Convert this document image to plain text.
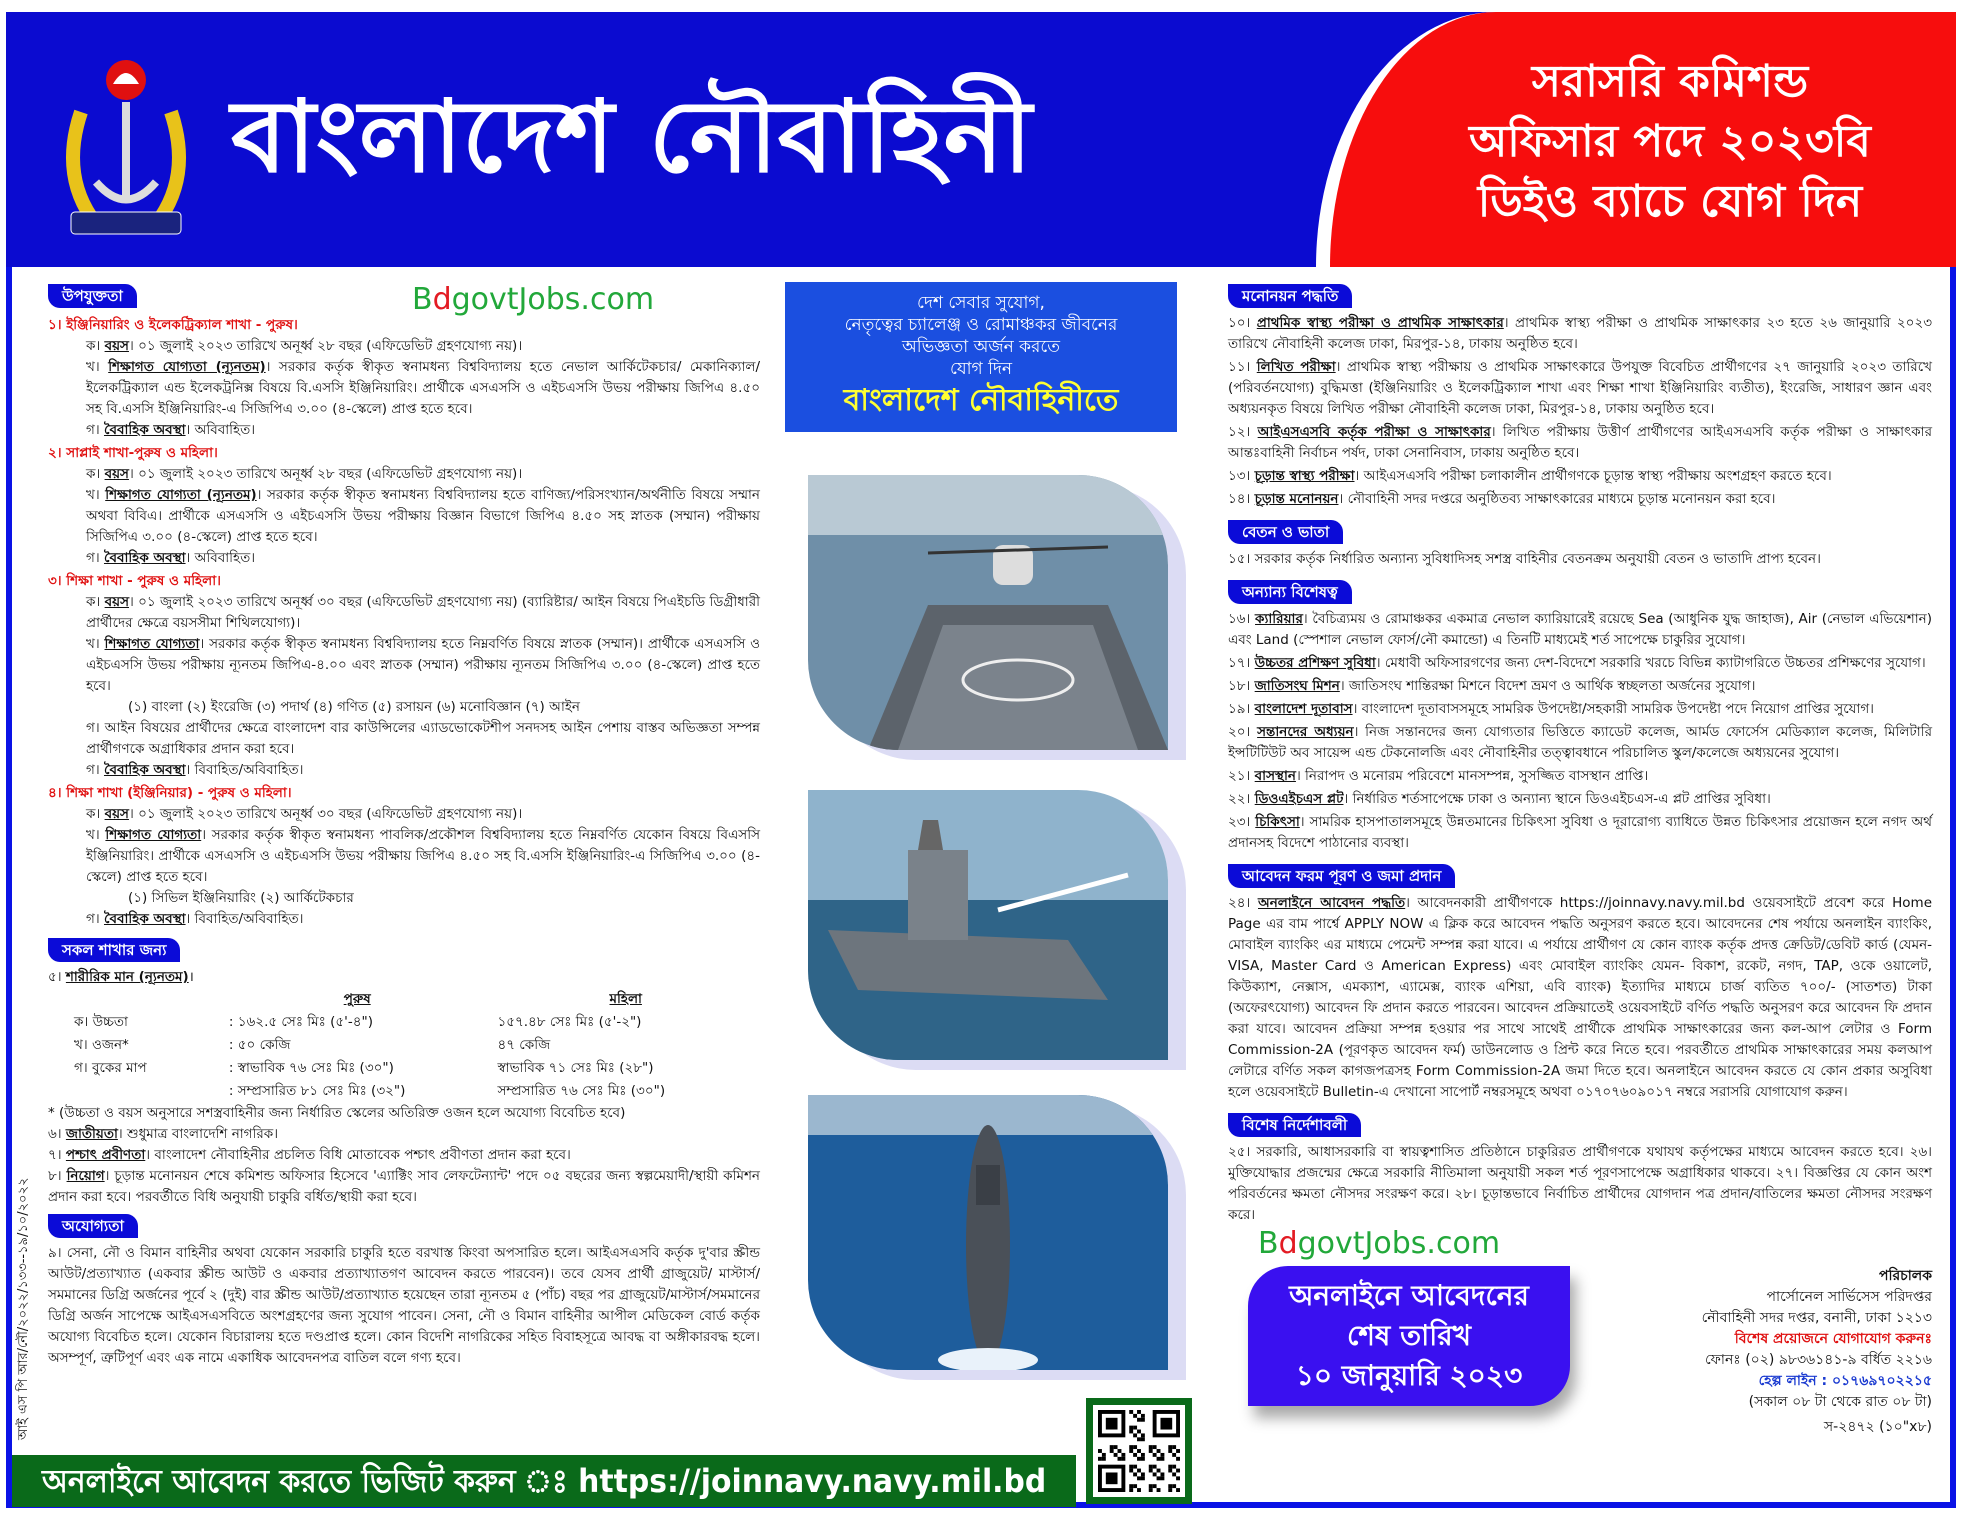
বাংলাদেশ নৌবাহিনী	সরাসরি কমিশন্ড
অফিসার পদে ২০২৩বি
ডিইও ব্যাচে যোগ দিন
উপযুক্ততা
১। ইঞ্জিনিয়ারিং ও ইলেকট্রিক্যাল শাখা - পুরুষ।
ক। বয়স। ০১ জুলাই ২০২৩ তারিখে অনূর্ধ্ব ২৮ বছর (এফিডেভিট গ্রহণযোগ্য নয়)।
খ। শিক্ষাগত যোগ্যতা (ন্যূনতম)। সরকার কর্তৃক স্বীকৃত স্বনামধন্য বিশ্ববিদ্যালয় হতে নেভাল আর্কিটেকচার/ মেকানিক্যাল/ইলেকট্রিক্যাল এন্ড ইলেকট্রনিক্স বিষয়ে বি.এসসি ইঞ্জিনিয়ারিং। প্রার্থীকে এসএসসি ও এইচএসসি উভয় পরীক্ষায় জিপিএ ৪.৫০ সহ বি.এসসি ইঞ্জিনিয়ারিং-এ সিজিপিএ ৩.০০ (৪-স্কেলে) প্রাপ্ত হতে হবে।
গ। বৈবাহিক অবস্থা। অবিবাহিত।
২। সাপ্লাই শাখা-পুরুষ ও মহিলা।
ক। বয়স। ০১ জুলাই ২০২৩ তারিখে অনূর্ধ্ব ২৮ বছর (এফিডেভিট গ্রহণযোগ্য নয়)।
খ। শিক্ষাগত যোগ্যতা (ন্যূনতম)। সরকার কর্তৃক স্বীকৃত স্বনামধন্য বিশ্ববিদ্যালয় হতে বাণিজ্য/পরিসংখ্যান/অর্থনীতি বিষয়ে সম্মান অথবা বিবিএ। প্রার্থীকে এসএসসি ও এইচএসসি উভয় পরীক্ষায় বিজ্ঞান বিভাগে জিপিএ ৪.৫০ সহ স্নাতক (সম্মান) পরীক্ষায় সিজিপিএ ৩.০০ (৪-স্কেলে) প্রাপ্ত হতে হবে।
গ। বৈবাহিক অবস্থা। অবিবাহিত।
৩। শিক্ষা শাখা - পুরুষ ও মহিলা।
ক। বয়স। ০১ জুলাই ২০২৩ তারিখে অনূর্ধ্ব ৩০ বছর (এফিডেভিট গ্রহণযোগ্য নয়) (ব্যারিষ্টার/ আইন বিষয়ে পিএইচডি ডিগ্রীধারী প্রার্থীদের ক্ষেত্রে বয়সসীমা শিথিলযোগ্য)।
খ। শিক্ষাগত যোগ্যতা। সরকার কর্তৃক স্বীকৃত স্বনামধন্য বিশ্ববিদ্যালয় হতে নিম্নবর্ণিত বিষয়ে স্নাতক (সম্মান)। প্রার্থীকে এসএসসি ও এইচএসসি উভয় পরীক্ষায় ন্যূনতম জিপিএ-৪.০০ এবং স্নাতক (সম্মান) পরীক্ষায় ন্যূনতম সিজিপিএ ৩.০০ (৪-স্কেলে) প্রাপ্ত হতে হবে।
(১) বাংলা (২) ইংরেজি (৩) পদার্থ (৪) গণিত (৫) রসায়ন (৬) মনোবিজ্ঞান (৭) আইন
গ। আইন বিষয়ের প্রার্থীদের ক্ষেত্রে বাংলাদেশ বার কাউন্সিলের এ্যাডভোকেটশীপ সনদসহ আইন পেশায় বাস্তব অভিজ্ঞতা সম্পন্ন প্রার্থীগণকে অগ্রাধিকার প্রদান করা হবে।
গ। বৈবাহিক অবস্থা। বিবাহিত/অবিবাহিত।
৪। শিক্ষা শাখা (ইঞ্জিনিয়ার) - পুরুষ ও মহিলা।
ক। বয়স। ০১ জুলাই ২০২৩ তারিখে অনূর্ধ্ব ৩০ বছর (এফিডেভিট গ্রহণযোগ্য নয়)।
খ। শিক্ষাগত যোগ্যতা। সরকার কর্তৃক স্বীকৃত স্বনামধন্য পাবলিক/প্রকৌশল বিশ্ববিদ্যালয় হতে নিম্নবর্ণিত যেকোন বিষয়ে বিএসসি ইঞ্জিনিয়ারিং। প্রার্থীকে এসএসসি ও এইচএসসি উভয় পরীক্ষায় জিপিএ ৪.৫০ সহ বি.এসসি ইঞ্জিনিয়ারিং-এ সিজিপিএ ৩.০০ (৪-স্কেলে) প্রাপ্ত হতে হবে।
(১) সিভিল ইঞ্জিনিয়ারিং (২) আর্কিটেকচার
গ। বৈবাহিক অবস্থা। বিবাহিত/অবিবাহিত।
সকল শাখার জন্য
৫। শারীরিক মান (ন্যূনতম)।
	পুরুষ	মহিলা
ক। উচ্চতা	: ১৬২.৫ সেঃ মিঃ (৫'-৪")	১৫৭.৪৮ সেঃ মিঃ (৫'-২")
খ। ওজন*	: ৫০ কেজি	৪৭ কেজি
গ। বুকের মাপ	: স্বাভাবিক ৭৬ সেঃ মিঃ (৩০")	স্বাভাবিক ৭১ সেঃ মিঃ (২৮")
	: সম্প্রসারিত ৮১ সেঃ মিঃ (৩২")	সম্প্রসারিত ৭৬ সেঃ মিঃ (৩০")
* (উচ্চতা ও বয়স অনুসারে সশস্ত্রবাহিনীর জন্য নির্ধারিত স্কেলের অতিরিক্ত ওজন হলে অযোগ্য বিবেচিত হবে)
৬। জাতীয়তা। শুধুমাত্র বাংলাদেশি নাগরিক।
৭। পশ্চাৎ প্রবীণতা। বাংলাদেশ নৌবাহিনীর প্রচলিত বিধি মোতাবেক পশ্চাৎ প্রবীণতা প্রদান করা হবে।
৮। নিয়োগ। চূড়ান্ত মনোনয়ন শেষে কমিশন্ড অফিসার হিসেবে 'এ্যাক্টিং সাব লেফটেন্যান্ট' পদে ০৫ বছরের জন্য স্বল্পমেয়াদী/স্থায়ী কমিশন প্রদান করা হবে। পরবর্তীতে বিধি অনুযায়ী চাকুরি বর্ধিত/স্থায়ী করা হবে।
অযোগ্যতা
৯। সেনা, নৌ ও বিমান বাহিনীর অথবা যেকোন সরকারি চাকুরি হতে বরখাস্ত কিংবা অপসারিত হলে। আইএসএসবি কর্তৃক দু'বার স্ক্রীন্ড আউট/প্রত্যাখ্যাত (একবার স্ক্রীন্ড আউট ও একবার প্রত্যাখ্যাতগণ আবেদন করতে পারবেন)। তবে যেসব প্রার্থী গ্রাজুয়েট/ মাস্টার্স/সমমানের ডিগ্রি অর্জনের পূর্বে ২ (দুই) বার স্ক্রীন্ড আউট/প্রত্যাখ্যাত হয়েছেন তারা ন্যূনতম ৫ (পাঁচ) বছর পর গ্রাজুয়েট/মাস্টার্স/সমমানের ডিগ্রি অর্জন সাপেক্ষে আইএসএসবিতে অংশগ্রহণের জন্য সুযোগ পাবেন। সেনা, নৌ ও বিমান বাহিনীর আপীল মেডিকেল বোর্ড কর্তৃক অযোগ্য বিবেচিত হলে। যেকোন বিচারালয় হতে দণ্ডপ্রাপ্ত হলে। কোন বিদেশি নাগরিকের সহিত বিবাহসূত্রে আবদ্ধ বা অঙ্গীকারবদ্ধ হলে। অসম্পূর্ণ, ত্রুটিপূর্ণ এবং এক নামে একাধিক আবেদনপত্র বাতিল বলে গণ্য হবে।
BdgovtJobs.com	দেশ সেবার সুযোগ,
নেতৃত্বের চ্যালেঞ্জ ও রোমাঞ্চকর জীবনের
অভিজ্ঞতা অর্জন করতে
যোগ দিন
বাংলাদেশ নৌবাহিনীতে
মনোনয়ন পদ্ধতি
১০। প্রাথমিক স্বাস্থ্য পরীক্ষা ও প্রাথমিক সাক্ষাৎকার। প্রাথমিক স্বাস্থ্য পরীক্ষা ও প্রাথমিক সাক্ষাৎকার ২৩ হতে ২৬ জানুয়ারি ২০২৩ তারিখে নৌবাহিনী কলেজ ঢাকা, মিরপুর-১৪, ঢাকায় অনুষ্ঠিত হবে।
১১। লিখিত পরীক্ষা। প্রাথমিক স্বাস্থ্য পরীক্ষায় ও প্রাথমিক সাক্ষাৎকারে উপযুক্ত বিবেচিত প্রার্থীগণের ২৭ জানুয়ারি ২০২৩ তারিখে (পরিবর্তনযোগ্য) বুদ্ধিমত্তা (ইঞ্জিনিয়ারিং ও ইলেকট্রিক্যাল শাখা এবং শিক্ষা শাখা ইঞ্জিনিয়ারিং ব্যতীত), ইংরেজি, সাধারণ জ্ঞান এবং অধ্যয়নকৃত বিষয়ে লিখিত পরীক্ষা নৌবাহিনী কলেজ ঢাকা, মিরপুর-১৪, ঢাকায় অনুষ্ঠিত হবে।
১২। আইএসএসবি কর্তৃক পরীক্ষা ও সাক্ষাৎকার। লিখিত পরীক্ষায় উত্তীর্ণ প্রার্থীগণের আইএসএসবি কর্তৃক পরীক্ষা ও সাক্ষাৎকার আন্তঃবাহিনী নির্বাচন পর্ষদ, ঢাকা সেনানিবাস, ঢাকায় অনুষ্ঠিত হবে।
১৩। চূড়ান্ত স্বাস্থ্য পরীক্ষা। আইএসএসবি পরীক্ষা চলাকালীন প্রার্থীগণকে চূড়ান্ত স্বাস্থ্য পরীক্ষায় অংশগ্রহণ করতে হবে।
১৪। চূড়ান্ত মনোনয়ন। নৌবাহিনী সদর দপ্তরে অনুষ্ঠিতব্য সাক্ষাৎকারের মাধ্যমে চূড়ান্ত মনোনয়ন করা হবে।
বেতন ও ভাতা
১৫। সরকার কর্তৃক নির্ধারিত অন্যান্য সুবিধাদিসহ সশস্ত্র বাহিনীর বেতনক্রম অনুযায়ী বেতন ও ভাতাদি প্রাপ্য হবেন।
অন্যান্য বিশেষত্ব
১৬। ক্যারিয়ার। বৈচিত্র্যময় ও রোমাঞ্চকর একমাত্র নেভাল ক্যারিয়ারেই রয়েছে Sea (আধুনিক যুদ্ধ জাহাজ), Air (নেভাল এভিয়েশান) এবং Land (স্পেশাল নেভাল ফোর্স/নৌ কমান্ডো) এ তিনটি মাধ্যমেই শর্ত সাপেক্ষে চাকুরির সুযোগ।
১৭। উচ্চতর প্রশিক্ষণ সুবিধা। মেধাবী অফিসারগণের জন্য দেশ-বিদেশে সরকারি খরচে বিভিন্ন ক্যাটাগরিতে উচ্চতর প্রশিক্ষণের সুযোগ।
১৮। জাতিসংঘ মিশন। জাতিসংঘ শান্তিরক্ষা মিশনে বিদেশ ভ্রমণ ও আর্থিক স্বচ্ছলতা অর্জনের সুযোগ।
১৯। বাংলাদেশ দূতাবাস। বাংলাদেশ দূতাবাসসমূহে সামরিক উপদেষ্টা/সহকারী সামরিক উপদেষ্টা পদে নিয়োগ প্রাপ্তির সুযোগ।
২০। সন্তানদের অধ্যয়ন। নিজ সন্তানদের জন্য যোগ্যতার ভিত্তিতে ক্যাডেট কলেজ, আর্মড ফোর্সেস মেডিক্যাল কলেজ, মিলিটারি ইন্সটিটিউট অব সায়েন্স এন্ড টেকনোলজি এবং নৌবাহিনীর তত্ত্বাবধানে পরিচালিত স্কুল/কলেজে অধ্যয়নের সুযোগ।
২১। বাসস্থান। নিরাপদ ও মনোরম পরিবেশে মানসম্পন্ন, সুসজ্জিত বাসস্থান প্রাপ্তি।
২২। ডিওএইচএস প্লট। নির্ধারিত শর্তসাপেক্ষে ঢাকা ও অন্যান্য স্থানে ডিওএইচএস-এ প্লট প্রাপ্তির সুবিধা।
২৩। চিকিৎসা। সামরিক হাসপাতালসমূহে উন্নতমানের চিকিৎসা সুবিধা ও দূরারোগ্য ব্যাধিতে উন্নত চিকিৎসার প্রয়োজন হলে নগদ অর্থ প্রদানসহ বিদেশে পাঠানোর ব্যবস্থা।
আবেদন ফরম পূরণ ও জমা প্রদান
২৪। অনলাইনে আবেদন পদ্ধতি। আবেদনকারী প্রার্থীগণকে https://joinnavy.navy.mil.bd ওয়েবসাইটে প্রবেশ করে Home Page এর বাম পার্শ্বে APPLY NOW এ ক্লিক করে আবেদন পদ্ধতি অনুসরণ করতে হবে। আবেদনের শেষ পর্যায়ে অনলাইন ব্যাংকিং, মোবাইল ব্যাংকিং এর মাধ্যমে পেমেন্ট সম্পন্ন করা যাবে। এ পর্যায়ে প্রার্থীগণ যে কোন ব্যাংক কর্তৃক প্রদত্ত ক্রেডিট/ডেবিট কার্ড (যেমন- VISA, Master Card ও American Express) এবং মোবাইল ব্যাংকিং যেমন- বিকাশ, রকেট, নগদ, TAP, ওকে ওয়ালেট, কিউক্যাশ, নেক্সাস, এমক্যাশ, এ্যামেক্স, ব্যাংক এশিয়া, এবি ব্যাংক) ইত্যাদির মাধ্যমে চার্জ ব্যতিত ৭০০/- (সাতশত) টাকা (অফেরৎযোগ্য) আবেদন ফি প্রদান করতে পারবেন। আবেদন প্রক্রিয়াতেই ওয়েবসাইটে বর্ণিত পদ্ধতি অনুসরণ করে আবেদন ফি প্রদান করা যাবে। আবেদন প্রক্রিয়া সম্পন্ন হওয়ার পর সাথে সাথেই প্রার্থীকে প্রাথমিক সাক্ষাৎকারের জন্য কল-আপ লেটার ও Form Commission-2A (পূরণকৃত আবেদন ফর্ম) ডাউনলোড ও প্রিন্ট করে নিতে হবে। পরবর্তীতে প্রাথমিক সাক্ষাৎকারের সময় কলআপ লেটারে বর্ণিত সকল কাগজপত্রসহ Form Commission-2A জমা দিতে হবে। অনলাইনে আবেদন করতে যে কোন প্রকার অসুবিধা হলে ওয়েবসাইটে Bulletin-এ দেখানো সাপোর্ট নম্বরসমূহে অথবা ০১৭০৭৬০৯০১৭ নম্বরে সরাসরি যোগাযোগ করুন।
বিশেষ নির্দেশাবলী
২৫। সরকারি, আধাসরকারি বা স্বায়ত্বশাসিত প্রতিষ্ঠানে চাকুরিরত প্রার্থীগণকে যথাযথ কর্তৃপক্ষের মাধ্যমে আবেদন করতে হবে। ২৬। মুক্তিযোদ্ধার প্রজন্মের ক্ষেত্রে সরকারি নীতিমালা অনুযায়ী সকল শর্ত পূরণসাপেক্ষে অগ্রাধিকার থাকবে। ২৭। বিজ্ঞপ্তির যে কোন অংশ পরিবর্তনের ক্ষমতা নৌসদর সংরক্ষণ করে। ২৮। চূড়ান্তভাবে নির্বাচিত প্রার্থীদের যোগদান পত্র প্রদান/বাতিলের ক্ষমতা নৌসদর সংরক্ষণ করে।
BdgovtJobs.com
অনলাইনে আবেদনের
শেষ তারিখ
১০ জানুয়ারি ২০২৩
পরিচালক
পার্সোনেল সার্ভিসেস পরিদপ্তর
নৌবাহিনী সদর দপ্তর, বনানী, ঢাকা ১২১৩
বিশেষ প্রয়োজনে যোগাযোগ করুনঃ
ফোনঃ (০২) ৯৮৩৬১৪১-৯ বর্ধিত ২২১৬
হেল্প লাইন : ০১৭৬৯৭০২২১৫
(সকাল ০৮ টা থেকে রাত ০৮ টা)
স-২৪৭২ (১০"x৮)
অনলাইনে আবেদন করতে ভিজিট করুন ঃ https://joinnavy.navy.mil.bd
আই এস পি আর/নৌ/২০২২/১৩৩--১৯/১০/২০২২
